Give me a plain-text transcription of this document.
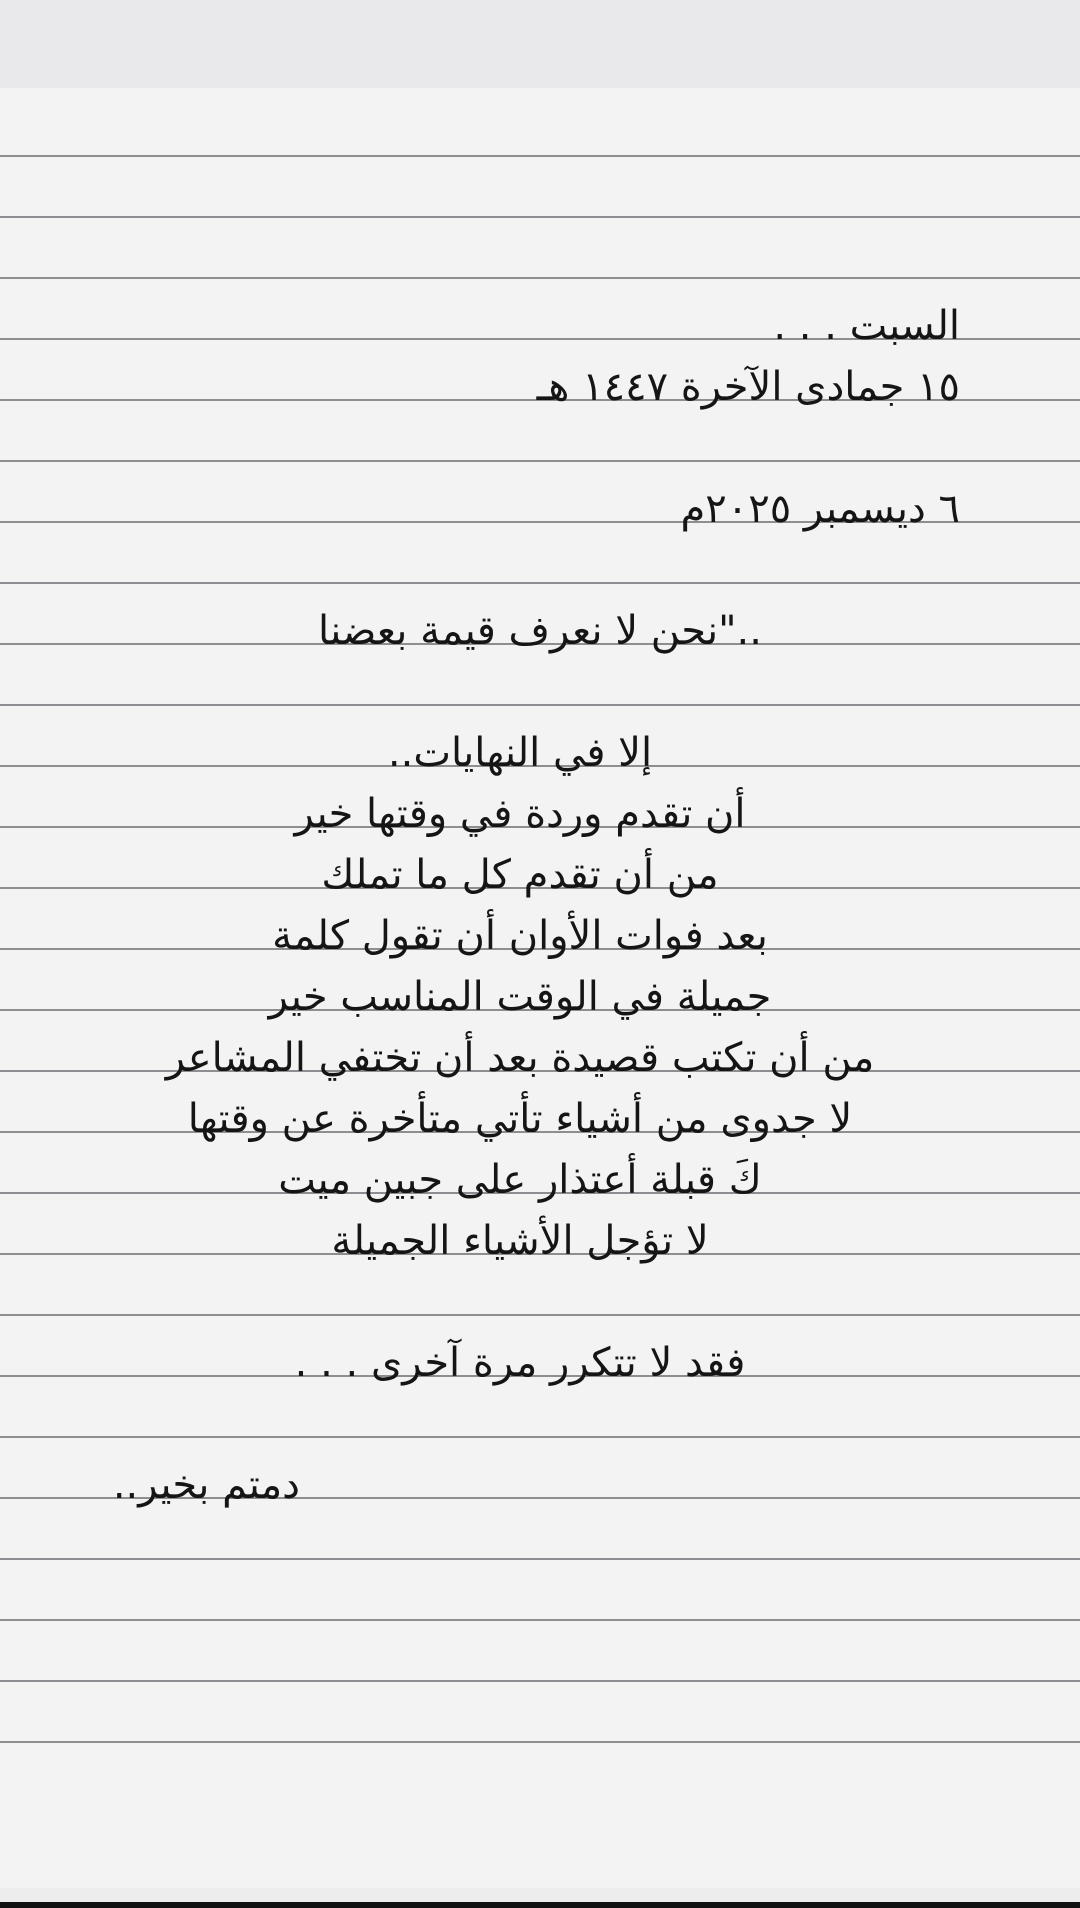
السبت . . .
١٥ جمادى الآخرة ١٤٤٧ هـ
٦ ديسمبر ٢٠٢٥م
.."نحن لا نعرف قيمة بعضنا
إلا في النهايات..
أن تقدم وردة في وقتها خير
من أن تقدم كل ما تملك
بعد فوات الأوان أن تقول كلمة
جميلة في الوقت المناسب خير
من أن تكتب قصيدة بعد أن تختفي المشاعر
لا جدوى من أشياء تأتي متأخرة عن وقتها
كَ قبلة أعتذار على جبين ميت
لا تؤجل الأشياء الجميلة
فقد لا تتكرر مرة آخرى . . .
دمتم بخير..
